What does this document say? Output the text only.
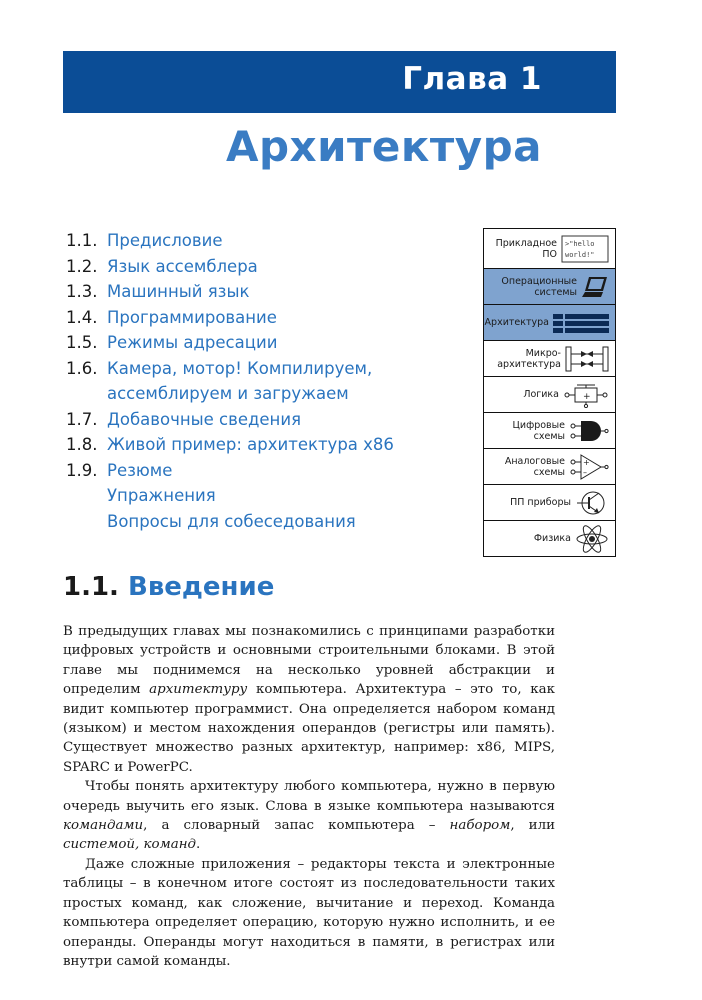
Глава 1
Архитектура
1.1. Предисловие
1.2. Язык ассемблера
1.3. Машинный язык
1.4. Программирование
1.5. Режимы адресации
1.6. Камера, мотор! Компилируем, ассемблируем и загружаем
1.7. Добавочные сведения
1.8. Живой пример: архитектура x86
1.9. Резюме
Упражнения
Вопросы для собеседования
Прикладное ПО
>"hello
world!"
Операционные системы
Архитектура
Микро-архитектура
Логика	+
Цифровые схемы
Аналоговые схемы
+
–
ПП приборы
Физика
1.1. Введение

В предыдущих главах мы познакомились с принципами разработки цифровых устройств и основными строительными блоками. В этой главе мы поднимемся на несколько уровней абстракции и определим архитектуру компьютера. Архитектура – это то, как видит компьютер программист. Она определяется набором команд (языком) и местом нахождения операндов (регистры или память). Существует множество разных архитектур, например: x86, MIPS, SPARC и PowerPC.

Чтобы понять архитектуру любого компьютера, нужно в первую очередь выучить его язык. Слова в языке компьютера называются командами, а словарный запас компьютера – набором, или системой, команд.

Даже сложные приложения – редакторы текста и электронные таблицы – в конечном итоге состоят из последовательности таких простых команд, как сложение, вычитание и переход. Команда компьютера определяет операцию, которую нужно исполнить, и ее операнды. Операнды могут находиться в памяти, в регистрах или внутри самой команды.
